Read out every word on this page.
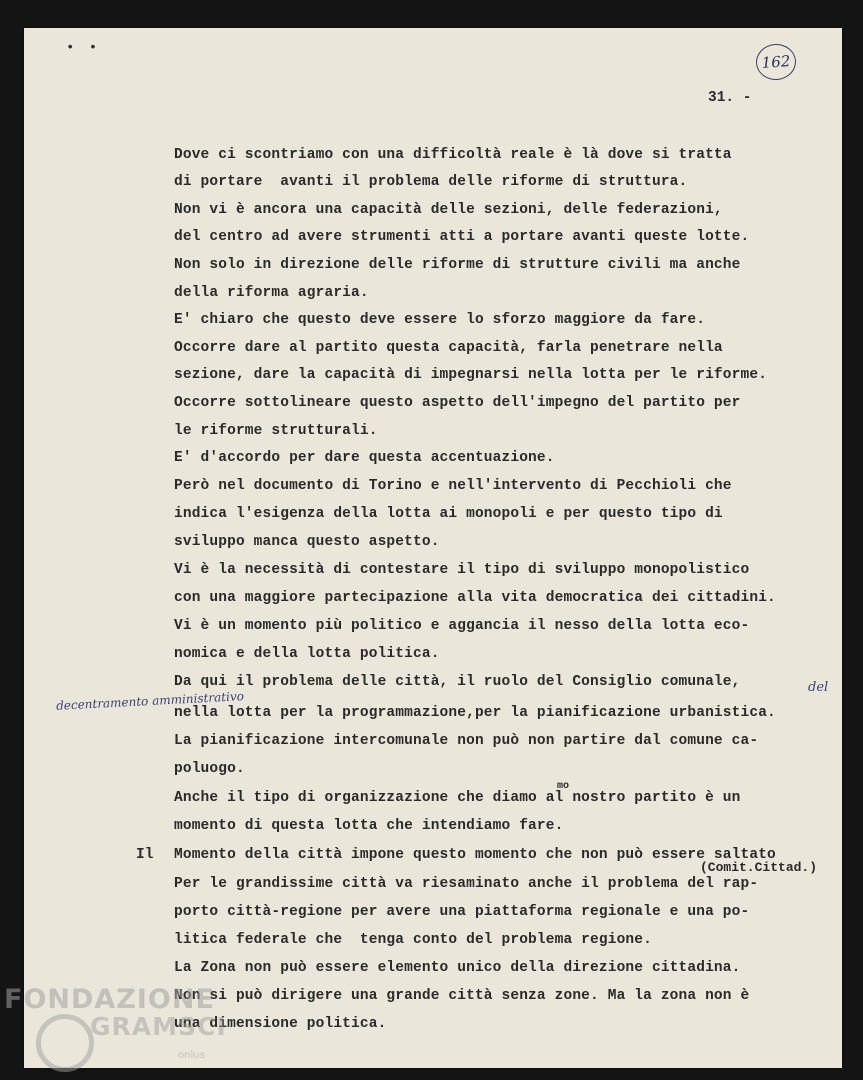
• •
162
31. -
Dove ci scontriamo con una difficoltà reale è là dove si tratta
di portare  avanti il problema delle riforme di struttura.
Non vi è ancora una capacità delle sezioni, delle federazioni,
del centro ad avere strumenti atti a portare avanti queste lotte.
Non solo in direzione delle riforme di strutture civili ma anche
della riforma agraria.
E' chiaro che questo deve essere lo sforzo maggiore da fare.
Occorre dare al partito questa capacità, farla penetrare nella
sezione, dare la capacità di impegnarsi nella lotta per le riforme.
Occorre sottolineare questo aspetto dell'impegno del partito per
le riforme strutturali.
E' d'accordo per dare questa accentuazione.
Però nel documento di Torino e nell'intervento di Pecchioli che
indica l'esigenza della lotta ai monopoli e per questo tipo di
sviluppo manca questo aspetto.
Vi è la necessità di contestare il tipo di sviluppo monopolistico
con una maggiore partecipazione alla vita democratica dei cittadini.
Vi è un momento più politico e aggancia il nesso della lotta eco-
nomica e della lotta politica.
Da qui il problema delle città, il ruolo del Consiglio comunale,
nella lotta per la programmazione,per la pianificazione urbanistica.
La pianificazione intercomunale non può non partire dal comune ca-
poluogo.
Anche il tipo di organizzazione che diamo al nostro partito è un
momento di questa lotta che intendiamo fare.
Momento della città impone questo momento che non può essere saltato
Per le grandissime città va riesaminato anche il problema del rap-
porto città-regione per avere una piattaforma regionale e una po-
litica federale che  tenga conto del problema regione.
La Zona non può essere elemento unico della direzione cittadina.
Non si può dirigere una grande città senza zone. Ma la zona non è
una dimensione politica.
Il
decentramento amministrativo
del
mo
(Comit.Cittad.)
FONDAZIONE
GRAMSCI
onlus
